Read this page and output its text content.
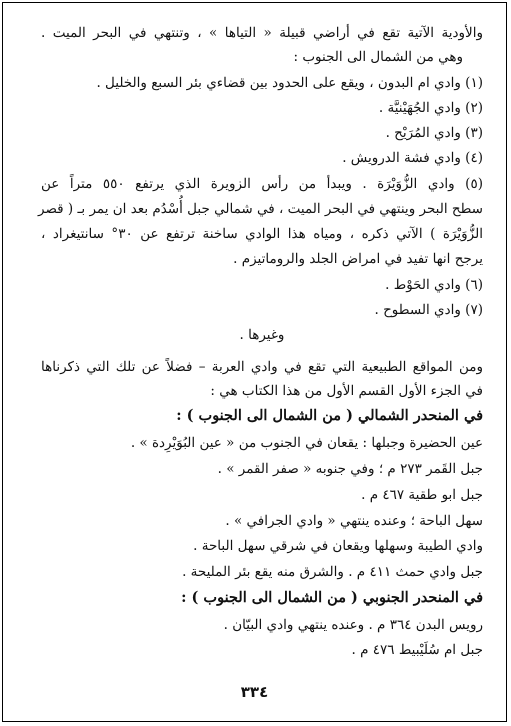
والأودية الآتية تقع في أراضي قبيلة « التياها » ، وتنتهي في البحر الميت .
وهي من الشمال الى الجنوب :
(١) وادي ام البدون ، ويقع على الحدود بين قضاءي بئر السبع والخليل .
(٢) وادي الجُهَيْنيَّة .
(٣) وادي المُرَيْح .
(٤) وادي فشة الدرويش .
(٥) وادي الزُّوَيْرَة . ويبدأ من رأس الزويرة الذي يرتفع ٥٥٠ متراً عن
سطح البحر وينتهي في البحر الميت ، في شمالي جبل أُسْدُم بعد ان يمر بـ ( قصر
الزُّوَيْرَة ) الآتي ذكره ، ومياه هذا الوادي ساخنة ترتفع عن ٣٠° سانتيغراد ،
يرجح انها تفيد في امراض الجلد والروماتيزم .
(٦) وادي الحَوْط .
(٧) وادي السطوح .
وغيرها .
ومن المواقع الطبيعية التي تقع في وادي العربة – فضلاً عن تلك التي ذكرناها
في الجزء الأول القسم الأول من هذا الكتاب هي :
في المنحدر الشمالي ( من الشمال الى الجنوب ) :
عين الحضيرة وجبلها : يقعان في الجنوب من « عين البُوَيْرِدة » .
جبل القَمر ٢٧٣ م ؛ وفي جنوبه « صفر القمر » .
جبل ابو طقية ٤٦٧ م .
سهل الباحة ؛ وعنده ينتهي « وادي الجرافي » .
وادي الطيبة وسهلها ويقعان في شرقي سهل الباحة .
جبل وادي حمث ٤١١ م . والشرق منه يقع بئر المليحة .
في المنحدر الجنوبي ( من الشمال الى الجنوب ) :
رويس البدن ٣٦٤ م . وعنده ينتهي وادي البيّان .
جبل ام سُلَيْبيط ٤٧٦ م .
٣٣٤
